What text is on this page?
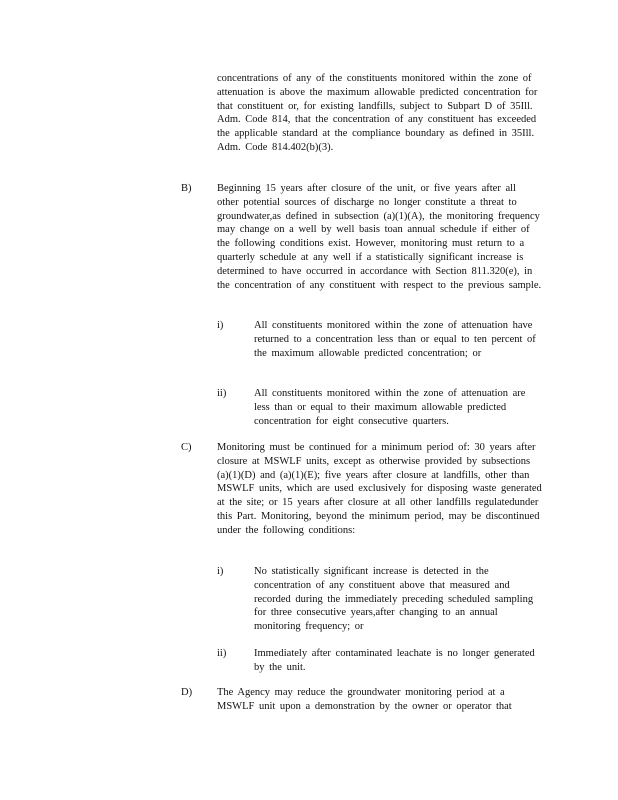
concentrations of any of the constituents monitored within the zone of attenuation is above the maximum allowable predicted concentration for that constituent or, for existing landfills, subject to Subpart D of 35Ill. Adm. Code 814, that the concentration of any constituent has exceeded the applicable standard at the compliance boundary as defined in 35Ill. Adm. Code 814.402(b)(3).
B) Beginning 15 years after closure of the unit, or five years after all other potential sources of discharge no longer constitute a threat to groundwater,as defined in subsection (a)(1)(A), the monitoring frequency may change on a well by well basis toan annual schedule if either of the following conditions exist. However, monitoring must return to a quarterly schedule at any well if a statistically significant increase is determined to have occurred in accordance with Section 811.320(e), in the concentration of any constituent with respect to the previous sample.
i)	All constituents monitored within the zone of attenuation have returned to a concentration less than or equal to ten percent of the maximum allowable predicted concentration; or
ii)	All constituents monitored within the zone of attenuation are less than or equal to their maximum allowable predicted concentration for eight consecutive quarters.
C) Monitoring must be continued for a minimum period of: 30 years after closure at MSWLF units, except as otherwise provided by subsections (a)(1)(D) and (a)(1)(E); five years after closure at landfills, other than MSWLF units, which are used exclusively for disposing waste generated at the site; or 15 years after closure at all other landfills regulatedunder this Part. Monitoring, beyond the minimum period, may be discontinued under the following conditions:
i)	No statistically significant increase is detected in the concentration of any constituent above that measured and recorded during the immediately preceding scheduled sampling for three consecutive years,after changing to an annual monitoring frequency; or
ii)	Immediately after contaminated leachate is no longer generated by the unit.
D) The Agency may reduce the groundwater monitoring period at a MSWLF unit upon a demonstration by the owner or operator that
